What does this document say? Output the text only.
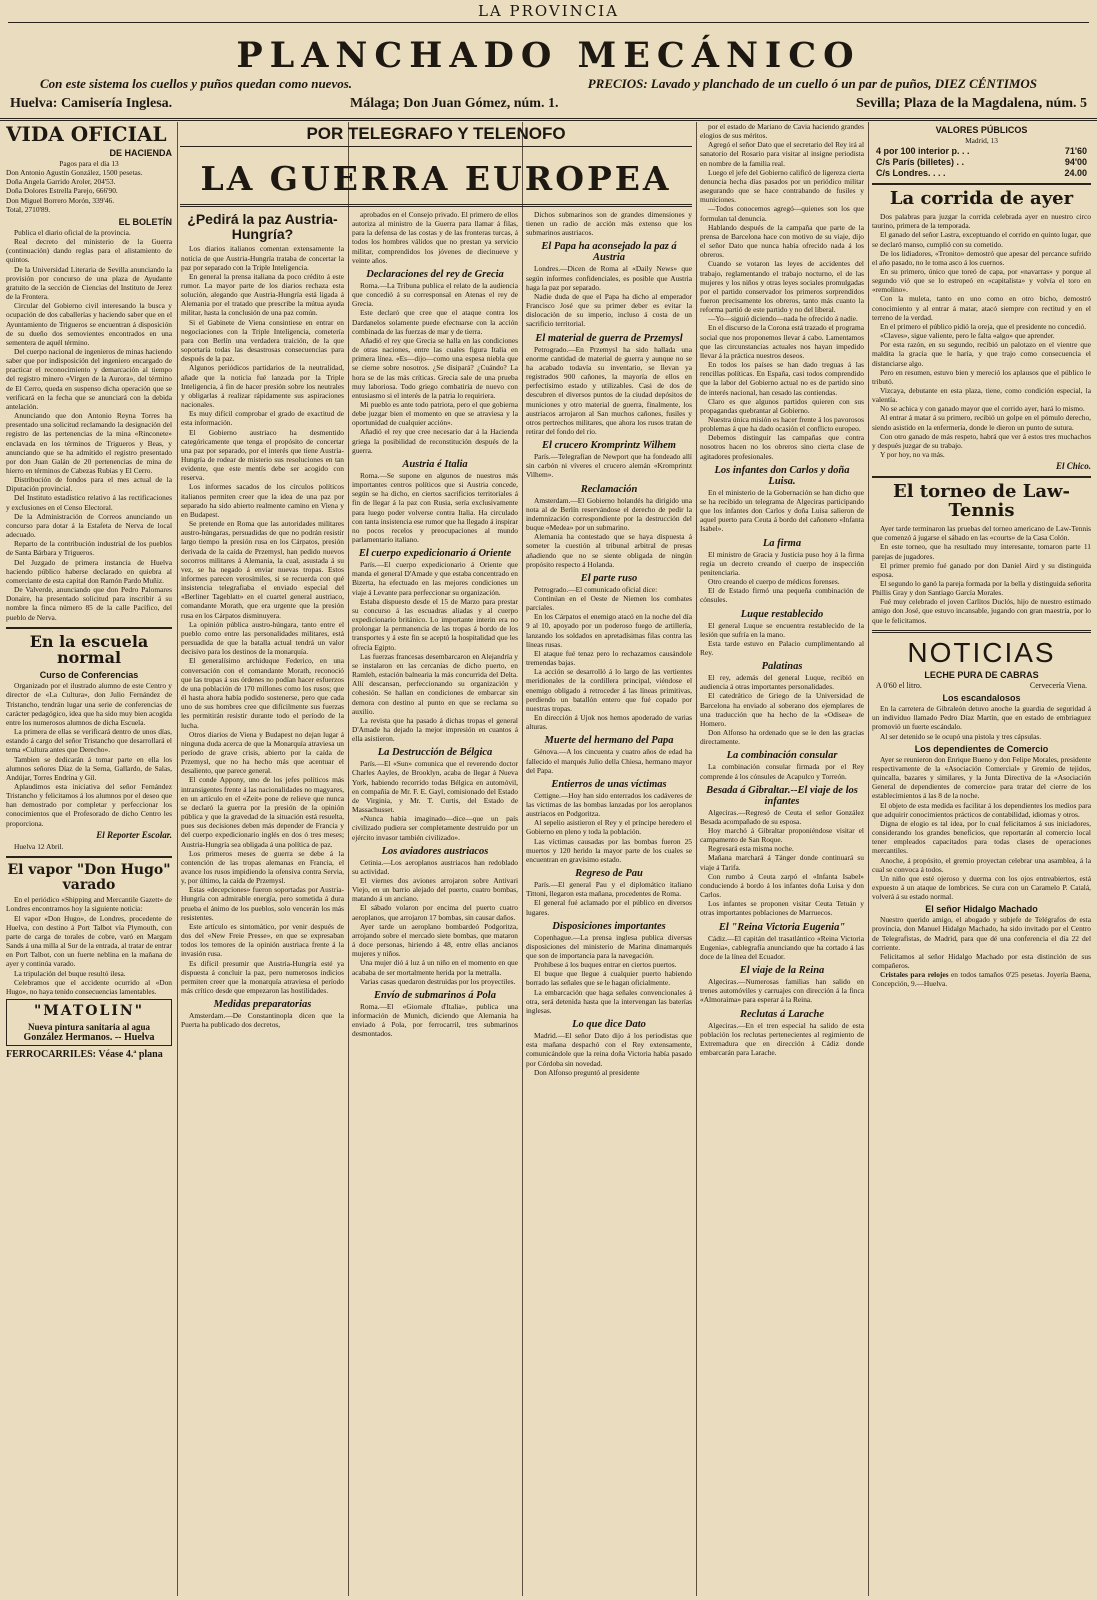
LA PROVINCIA
PLANCHADO MECÁNICO
Con este sistema los cuellos y puños quedan como nuevos.	PRECIOS: Lavado y planchado de un cuello ó un par de puños, DIEZ CÉNTIMOS
Huelva: Camisería Inglesa.	Málaga; Don Juan Gómez, núm. 1.	Sevilla; Plaza de la Magdalena, núm. 5
VIDA OFICIAL
DE HACIENDA
Pagos para el día 13
Don Antonio Agustín González, 1500 pesetas.
Doña Angela Garrido Aroler, 204'53.
Doña Dolores Estrella Parejo, 666'90.
Don Miguel Borrero Morón, 339'46.
Total, 2710'89.
EL BOLETÍN
Publica el diario oficial de la provincia.
Real decreto del ministerio de la Guerra (continuación) dando reglas para el alistamiento de quintos.
De la Universidad Literaria de Sevilla anunciando la provisión por concurso de una plaza de Ayudante gratuito de la sección de Ciencias del Instituto de Jerez de la Frontera.
Circular del Gobierno civil interesando la busca y ocupación de dos caballerías y haciendo saber que en el Ayuntamiento de Trigueros se encuentran á disposición de su dueño dos semovientes encontrados en una sementera de aquél término.
Del cuerpo nacional de ingenieros de minas haciendo saber que por indisposición del ingeniero encargado de practicar el reconocimiento y demarcación al tiempo del registro minero «Virgen de la Aurora», del término de El Cerro, queda en suspenso dicha operación que se verificará en la fecha que se anunciará con la debida antelación.
Anunciando que don Antonio Reyna Torres ha presentado una solicitud reclamando la designación del registro de las pertenencias de la mina «Rinconete» enclavada en los términos de Trigueros y Beas, y anunciando que se ha admitido el registro presentado por don Juan Galán de 20 pertenencias de mina de hierro en términos de Cabezas Rubias y El Cerro.
Distribución de fondos para el mes actual de la Diputación provincial.
Del Instituto estadístico relativo á las rectificaciones y exclusiones en el Censo Electoral.
De la Administración de Correos anunciando un concurso para dotar á la Estafeta de Nerva de local adecuado.
Reparto de la contribución industrial de los pueblos de Santa Bárbara y Trigueros.
Del Juzgado de primera instancia de Huelva haciendo público haberse declarado en quiebra al comerciante de esta capital don Ramón Pardo Muñiz.
De Valverde, anunciando que don Pedro Palomares Donaire, ha presentado solicitud para inscribir á su nombre la finca número 85 de la calle Pacífico, del pueblo de Nerva.
En la escuela normal
Curso de Conferencias
Organizado por el ilustrado alumno de este Centro y director de «La Cultura», don Julio Fernández de Tristancho, tendrán lugar una serie de conferencias de carácter pedagógico, idea que ha sido muy bien acogida entre los numerosos alumnos de dicha Escuela.
La primera de ellas se verificará dentro de unos días, estando á cargo del señor Tristancho que desarrollará el tema «Cultura antes que Derecho».
Tambien se dedicarán á tomar parte en ella los alumnos señores Díaz de la Serna, Gallardo, de Salas, Andújar, Torres Endrina y Gil.
Aplaudimos esta iniciativa del señor Fernández Tristancho y felicitamos á los alumnos por el deseo que han demostrado por completar y perfeccionar los conocimientos que el Profesorado de dicho Centro les proporciona.
El Reporter Escolar.
Huelva 12 Abril.
El vapor "Don Hugo" varado
En el periódico «Shipping and Mercantile Gazett» de Londres encontramos hoy la siguiente noticia:
El vapor «Don Hugo», de Londres, procedente de Huelva, con destino á Port Talbot vía Plymouth, con parte de carga de torales de cobre, varó en Margam Sands á una milla al Sur de la entrada, al tratar de entrar en Port Talbot, con un fuerte neblina en la mañana de ayer y continúa varado.
La tripulación del buque resultó ilesa.
Celebramos que el accidente ocurrido al «Don Hugo», no haya tenido consecuencias lamentables.
"MATOLIN"
Nueva pintura sanitaria al agua
González Hermanos. -- Huelva
FERROCARRILES: Véase 4.ª plana
POR TELEGRAFO Y TELENOFO
LA GUERRA EUROPEA
¿Pedirá la paz Austria-Hungría?
Los diarios italianos comentan extensamente la noticia de que Austria-Hungría trataba de concertar la paz por separado con la Triple Inteligencia.
En general la prensa italiana da poco crédito á este rumor. La mayor parte de los diarios rechaza esta solución, alegando que Austria-Hungría está ligada á Alemania por el tratado que prescribe la mútua ayuda militar, hasta la conclusión de una paz común.
Si el Gabinete de Viena consintiese en entrar en negociaciones con la Triple Inteligencia, cometería para con Berlín una verdadera traición, de la que soportaría todas las desastrosas consecuencias para después de la paz.
Algunos periódicos partidarios de la neutralidad, añade que la noticia fué lanzada por la Triple Inteligencia, á fin de hacer presión sobre los neutrales y obligarlas á realizar rápidamente sus aspiraciones nacionales.
Es muy difícil comprobar el grado de exactitud de esta información.
El Gobierno austriaco ha desmentido categóricamente que tenga el propósito de concertar una paz por separado, por el interés que tiene Austria-Hungría de rodear de misterio sus resoluciones en tan evidente, que este mentís debe ser acogido con reserva.
Los informes sacados de los círculos políticos italianos permiten creer que la idea de una paz por separado ha sido abierto realmente camino en Viena y en Budapest.
Se pretende en Roma que las autoridades militares austro-húngaras, persuadidas de que no podrán resistir largo tiempo la presión rusa en los Cárpatos, presión derivada de la caída de Przemysl, han pedido nuevos socorros militares á Alemania, la cual, asustada á su vez, se ha negado á enviar nuevas tropas. Estos informes parecen verosímiles, si se recuerda con qué insistencia telegrafiaba el enviado especial del «Berliner Tageblatt» en el cuartel general austriaco, comandante Morath, que era urgente que la presión rusa en los Cárpatos disminuyera.
La opinión pública austro-húngara, tanto entre el pueblo como entre las personalidades militares, está persuadida de que la batalla actual tendrá un valor decisivo para los destinos de la monarquía.
El generalísimo archiduque Federico, en una conversación con el comandante Morath, reconoció que las tropas á sus órdenes no podían hacer esfuerzos de una población de 170 millones como los rusos; que él hasta ahora había podido sostenerse, pero que cada uno de sus hombres cree que difícilmente sus fuerzas les permitirán resistir durante todo el período de la lucha.
Otros diarios de Viena y Budapest no dejan lugar á ninguna duda acerca de que la Monarquía atraviesa un período de grave crisis, abierto por la caída de Przemysl, que no ha hecho más que acentuar el desaliento, que parece general.
El conde Appony, uno de los jefes políticos más intransigentes frente á las nacionalidades no magyares, en un artículo en el «Zeit» pone de relieve que nunca se declaró la guerra por la presión de la opinión pública y que la gravedad de la situación está resuelta, pues sus decisiones deben más depender de Francia y del cuerpo expedicionario inglés en dos ó tres meses; Austria-Hungría sea obligada á una política de paz.
Los primeros meses de guerra se debe á la contención de las tropas alemanas en Francia, el avance los rusos impidiendo la ofensiva contra Servia, y, por último, la caída de Przemysl.
Estas «decepciones» fueron soportadas por Austria-Hungría con admirable energía, pero sometida á dura prueba el ánimo de los pueblos, solo vencerán los más resistentes.
Este artículo es sintomático, por venir después de dos del «New Freie Presse», en que se expresaban todos los temores de la opinión austriaca frente á la invasión rusa.
Es difícil presumir que Austria-Hungría esté ya dispuesta á concluir la paz, pero numerosos indicios permiten creer que la monarquía atraviesa el período más crítico desde que empezaron las hostilidades.
Medidas preparatorias
Amsterdam.—De Constantinopla dicen que la Puerta ha publicado dos decretos,
aprobados en el Consejo privado. El primero de ellos autoriza al ministro de la Guerra para llamar á filas, para la defensa de las costas y de las fronteras turcas, á todos los hombres válidos que no prestan ya servicio militar, comprendidos los jóvenes de diecinueve y veinte años.
Declaraciones del rey de Grecia
Roma.—La Tribuna publica el relato de la audiencia que concedió á su corresponsal en Atenas el rey de Grecia.
Este declaró que cree que el ataque contra los Dardanelos solamente puede efectuarse con la acción combinada de las fuerzas de mar y de tierra.
Añadió el rey que Grecia se halla en las condiciones de otras naciones, entre las cuales figura Italia en primera línea. «Es—dijo—como una espesa niebla que se cierne sobre nosotros. ¿Se disipará? ¿Cuándo? La hora se de las más críticas. Grecia sale de una prueba muy laboriosa. Todo griego combatiría de nuevo con entusiasmo si el interés de la patria lo requiriera.
Mi pueblo es ante todo patriota, pero el que gobierna debe juzgar bien el momento en que se atraviesa y la oportunidad de cualquier acción».
Añadió el rey que cree necesario dar á la Hacienda griega la posibilidad de reconstitución después de la guerra.
Austria é Italia
Roma.—Se supone en algunos de nuestros más importantes centros políticos que si Austria concede, según se ha dicho, en ciertos sacrificios territoriales á fin de llegar á la paz con Rusia, sería exclusivamente para luego poder volverse contra Italia. Ha circulado con tanta insistencia ese rumor que ha llegado á inspirar no pocos recelos y preocupaciones al mundo parlamentario italiano.
El cuerpo expedicionario á Oriente
París.—El cuerpo expedicionario á Oriente que manda el general D'Amade y que estaba concentrado en Bizerta, ha efectuado en las mejores condiciones un viaje á Levante para perfeccionar su organización.
Estaba dispuesto desde el 15 de Marzo para prestar su concurso á las escuadras aliadas y al cuerpo expedicionario británico. Lo importante interin era no prolongar la permanencia de las tropas á bordo de los transportes y á este fin se aceptó la hospitalidad que les ofrecía Egipto.
Las fuerzas francesas desembarcaron en Alejandría y se instalaron en las cercanías de dicho puerto, en Ramleh, estación balnearia la más concurrida del Delta. Allí descansan, perfeccionando su organización y cohesión. Se hallan en condiciones de embarcar sin demora con destino al punto en que se reclama su auxilio.
La revista que ha pasado á dichas tropas el general D'Amade ha dejado la mejor impresión en cuantos á ella asistieron.
La Destrucción de Bélgica
París.—El «Sun» comunica que el reverendo doctor Charles Aayles, de Brooklyn, acaba de llegar á Nueva York, habiendo recorrido todas Bélgica en automóvil, en compañía de Mr. F. E. Gayl, comisionado del Estado de Virginia, y Mr. T. Curtis, del Estado de Massachusset.
«Nunca había imaginado—dice—que un país civilizado pudiera ser completamente destruido por un ejército invasor también civilizado».
Los aviadores austriacos
Cetinia.—Los aeroplanos austriacos han redoblado su actividad.
El viernes dos aviones arrojaron sobre Antivari Viejo, en un barrio alejado del puerto, cuatro bombas, matando á un anciano.
El sábado volaron por encima del puerto cuatro aeroplanos, que arrojaron 17 bombas, sin causar daños.
Ayer tarde un aeroplano bombardeó Podgoritza, arrojando sobre el mercado siete bombas, que mataron á doce personas, hiriendo á 48, entre ellas ancianos mujeres y niños.
Una mujer dió á luz á un niño en el momento en que acababa de ser mortalmente herida por la metralla.
Varias casas quedaron destruidas por los proyectiles.
Envío de submarinos á Pola
Roma.—El «Giornale d'Italia», publica una información de Munich, diciendo que Alemania ha enviado á Pola, por ferrocarril, tres submarinos desmontados.
Dichos submarinos son de grandes dimensiones y tienen un radio de acción más extenso que los submarinos austriacos.
El Papa ha aconsejado la paz á Austria
Londres.—Dicen de Roma al «Daily News» que según informes confidenciales, es posible que Austria haga la paz por separado.
Nadie duda de que el Papa ha dicho al emperador Francisco José que su primer deber es evitar la dislocación de su imperio, incluso á costa de un sacrificio territorial.
El material de guerra de Przemysl
Petrogrado.—En Przemysl ha sido hallada una enorme cantidad de material de guerra y aunque no se ha acabado todavía su inventario, se llevan ya registrados 900 cañones, la mayoría de ellos en perfectísimo estado y utilizables. Casi de dos de descubren el diversos puntos de la ciudad depósitos de municiones y otro material de guerra, finalmente, los austriacos arrojaron al San muchos cañones, fusiles y otros pertrechos militares, que ahora los rusos tratan de retirar del fondo del río.
El crucero Kromprintz Wilhem
París.—Telegrafían de Newport que ha fondeado allí sin carbón ni víveres el crucero alemán «Kromprintz Vilhem».
Reclamación
Amsterdam.—El Gobierno holandés ha dirigido una nota al de Berlín reservándose el derecho de pedir la indemnización correspondiente por la destrucción del buque «Medea» por un submarino.
Alemania ha contestado que se haya dispuesta á someter la cuestión al tribunal arbitral de presas añadiendo que no se siente obligada de ningún propósito respecto á Holanda.
El parte ruso
Petrogrado.—El comunicado oficial dice:
Continúan en el Oeste de Niemen los combates parciales.
En los Cárpatos el enemigo atacó en la noche del día 9 al 10, apoyado por un poderoso fuego de artillería, lanzando los soldados en apretadísimas filas contra las líneas rusas.
El ataque fué tenaz pero lo rechazamos causándole tremendas bajas.
La acción se desarrolló á lo largo de las vertientes meridionales de la cordillera principal, viéndose el enemigo obligado á retroceder á las líneas primitivas, perdiendo un batallón entero que fué copado por nuestras tropas.
En dirección á Ujok nos hemos apoderado de varias alturas.
Muerte del hermano del Papa
Génova.—A los cincuenta y cuatro años de edad ha fallecido el marqués Julio della Chiesa, hermano mayor del Papa.
Entierros de unas víctimas
Cettigne.—Hoy han sido enterrados los cadáveres de las víctimas de las bombas lanzadas por los aeroplanos austriacos en Podgoritza.
Al sepelio asistieron el Rey y el príncipe heredero el Gobierno en pleno y toda la población.
Las víctimas causadas por las bombas fueron 25 muertos y 120 herido la mayor parte de los cuales se encuentran en gravísimo estado.
Regreso de Pau
París.—El general Pau y el diplomático italiano Tittoni, llegaron esta mañana, procedentes de Roma.
El general fué aclamado por el público en diversos lugares.
Disposiciones importantes
Copenhague.—La prensa inglesa publica diversas disposiciones del ministerio de Marina dinamarqués que son de importancia para la navegación.
Prohíbese á los buques entrar en ciertos puertos.
El buque que llegue á cualquier puerto habiendo borrado las señales que se le hagan oficialmente.
La embarcación que haga señales convencionales á otra, será detenida hasta que la intervengan las baterías inglesas.
Lo que dice Dato
Madrid.—El señor Dato dijo á los periodistas que esta mañana despachó con el Rey extensamente, comunicándole que la reina doña Victoria había pasado por Córdoba sin novedad.
Don Alfonso preguntó al presidente
por el estado de Mariano de Cavia haciendo grandes elogios de sus méritos.
Agregó el señor Dato que el secretario del Rey irá al sanatorio del Rosario para visitar al insigne periodista en nombre de la familia real.
Luego el jefe del Gobierno calificó de ligereza cierta denuncia hecha días pasados por un periódico militar asegurando que se hace contrabando de fusiles y municiones.
—Todos conocemos agregó—quienes son los que formulan tal denuncia.
Hablando después de la campaña que parte de la prensa de Barcelona hace con motivo de su viaje, dijo el señor Dato que nunca había ofrecido nada á los obreros.
Cuando se votaron las leyes de accidentes del trabajo, reglamentando el trabajo nocturno, el de las mujeres y los niños y otras leyes sociales promulgadas por el partido conservador los primeros sorprendidos fueron precisamente los obreros, tanto más cuanto la reforma partió de este partido y no del liberal.
—Yo—siguió diciendo—nada he ofrecido á nadie.
En el discurso de la Corona está trazado el programa social que nos proponemos llevar á cabo. Lamentamos que las circunstancias actuales nos hayan impedido llevar á la práctica nuestros deseos.
En todos los países se han dado treguas á las rencillas políticas. En España, casi todos comprendido que la labor del Gobierno actual no es de partido sino de interés nacional, han cesado las contiendas.
Claro es que algunos partidos quieren con sus propagandas quebrantar al Gobierno.
Nuestra única misión es hacer frente á los pavorosos problemas á que ha dado ocasión el conflicto europeo.
Debemos distinguir las campañas que contra nosotros hacen no los obreros sino cierta clase de agitadores profesionales.
Los infantes don Carlos y doña Luisa.
En el ministerio de la Gobernación se han dicho que se ha recibido un telegrama de Algeciras participando que los infantes don Carlos y doña Luisa salieron de aquel puerto para Ceuta á bordo del cañonero «Infanta Isabel».
La firma
El ministro de Gracia y Justicia puso hoy á la firma regia un decreto creando el cuerpo de inspección penitenciaria.
Otro creando el cuerpo de médicos forenses.
El de Estado firmó una pequeña combinación de cónsules.
Luque restablecido
El general Luque se encuentra restablecido de la lesión que sufría en la mano.
Esta tarde estuvo en Palacio cumplimentando al Rey.
Palatinas
El rey, además del general Luque, recibió en audiencia á otras importantes personalidades.
El catedrático de Griego de la Universidad de Barcelona ha enviado al soberano dos ejemplares de una traducción que ha hecho de la «Odisea» de Homero.
Don Alfonso ha ordenado que se le den las gracias directamente.
La combinación consular
La combinación consular firmada por el Rey comprende á los cónsules de Acapulco y Torreón.
Besada á Gibraltar.--El viaje de los infantes
Algeciras.—Regresó de Ceuta el señor González Besada acompañado de su esposa.
Hoy marchó á Gibraltar proponiéndose visitar el campamento de San Roque.
Regresará esta misma noche.
Mañana marchará á Tánger donde continuará su viaje á Tarifa.
Con rumbo á Ceuta zarpó el «Infanta Isabel» conduciendo á bordo á los infantes doña Luisa y don Carlos.
Los infantes se proponen visitar Ceuta Tetuán y otras importantes poblaciones de Marruecos.
El "Reina Victoria Eugenia"
Cádiz.—El capitán del trasatlántico «Reina Victoria Eugenia», cablegrafía anunciando que ha cortado á las doce de la línea del Ecuador.
El viaje de la Reina
Algeciras.—Numerosas familias han salido en trenes automóviles y carruajes con dirección á la finca «Almoraima» para esperar á la Reina.
Reclutas á Larache
Algeciras.—En el tren especial ha salido de esta población los reclutas pertenecientes al regimiento de Extremadura que en dirección á Cádiz donde embarcarán para Larache.
VALORES PÚBLICOS
Madrid, 13
4 por 100 interior p. . .	71'60
C/s París (billetes) . .	94'00
C/s Londres. . . .	24.00
La corrida de ayer
Dos palabras para juzgar la corrida celebrada ayer en nuestro circo taurino, primera de la temporada.
El ganado del señor Lastra, exceptuando el corrido en quinto lugar, que se declaró manso, cumplió con su cometido.
De los lidiadores, «Tronito» demostró que apesar del percance sufrido el año pasado, no le toma asco á los cuernos.
En su primero, único que toreó de capa, por «navarras» y porque al segundo vió que se lo estropeó en «capitalista» y volvía el toro en «remolino».
Con la muleta, tanto en uno como en otro bicho, demostró conocimiento y al entrar á matar, atacó siempre con rectitud y en el terreno de la verdad.
En el primero el público pidió la oreja, que el presidente no concedió.
«Claves», sigue valiente, pero le falta «algo» que aprender.
Por esta razón, en su segundo, recibió un palotazo en el vientre que maldita la gracia que le haría, y que trajo como consecuencia el distanciarse algo.
Pero en resumen, estuvo bien y mereció los aplausos que el público le tributó.
Vizcaya, debutante en esta plaza, tiene, como condición especial, la valentía.
No se achica y con ganado mayor que el corrido ayer, hará lo mismo.
Al entrar á matar á su primero, recibió un golpe en el pómulo derecho, siendo asistido en la enfermería, donde le dieron un punto de sutura.
Con otro ganado de más respeto, habrá que ver á estos tres muchachos y después juzgar de su trabajo.
Y por hoy, no va más.
El Chico.
El torneo de Law-Tennis
Ayer tarde terminaron las pruebas del torneo americano de Law-Tennis que comenzó á jugarse el sábado en las «courts» de la Casa Colón.
En este torneo, que ha resultado muy interesante, tomaron parte 11 parejas de jugadores.
El primer premio fué ganado por don Daniel Aird y su distinguida esposa.
El segundo lo ganó la pareja formada por la bella y distinguida señorita Phillis Gray y don Santiago García Morales.
Fué muy celebrado el joven Carlitos Duclós, hijo de nuestro estimado amigo don José, que estuvo incansable, jugando con gran maestría, por lo que le felicitamos.
NOTICIAS
LECHE PURA DE CABRAS
A 0'60 el litro.	Cervecería Viena.
Los escandalosos
En la carretera de Gibraleón detuvo anoche la guardia de seguridad á un individuo llamado Pedro Díaz Martín, que en estado de embriaguez promovió un fuerte escándalo.
Al ser detenido se le ocupó una pistola y tres cápsulas.
Los dependientes de Comercio
Ayer se reunieron don Enrique Bueno y don Felipe Morales, presidente respectivamente de la «Asociación Comercial» y Gremio de tejidos, quincalla, bazares y similares, y la Junta Directiva de la «Asociación General de dependientes de comercio» para tratar del cierre de los establecimientos á las 8 de la noche.
El objeto de esta medida es facilitar á los dependientes los medios para que adquirir conocimientos prácticos de contabilidad, idiomas y otros.
Digna de elogio es tal idea, por lo cual felicitamos á sus iniciadores, considerando los grandes beneficios, que reportarán al comercio local tener empleados capacitados para todas clases de operaciones mercantiles.
Anoche, á propósito, el gremio proyectan celebrar una asamblea, á la cual se convoca á todos.
Un niño que esté ojeroso y duerma con los ojos entreabiertos, está expuesto á un ataque de lombrices. Se cura con un Caramelo P. Catalá, volverá á su estado normal.
El señor Hidalgo Machado
Nuestro querido amigo, el abogado y subjefe de Telégrafos de esta provincia, don Manuel Hidalgo Machado, ha sido invitado por el Centro de Telegrafistas, de Madrid, para que dé una conferencia el día 22 del corriente.
Felicitamos al señor Hidalgo Machado por esta distinción de sus compañeros.
Cristales para relojes en todos tamaños 0'25 pesetas. Joyería Baena, Concepción, 9.—Huelva.
